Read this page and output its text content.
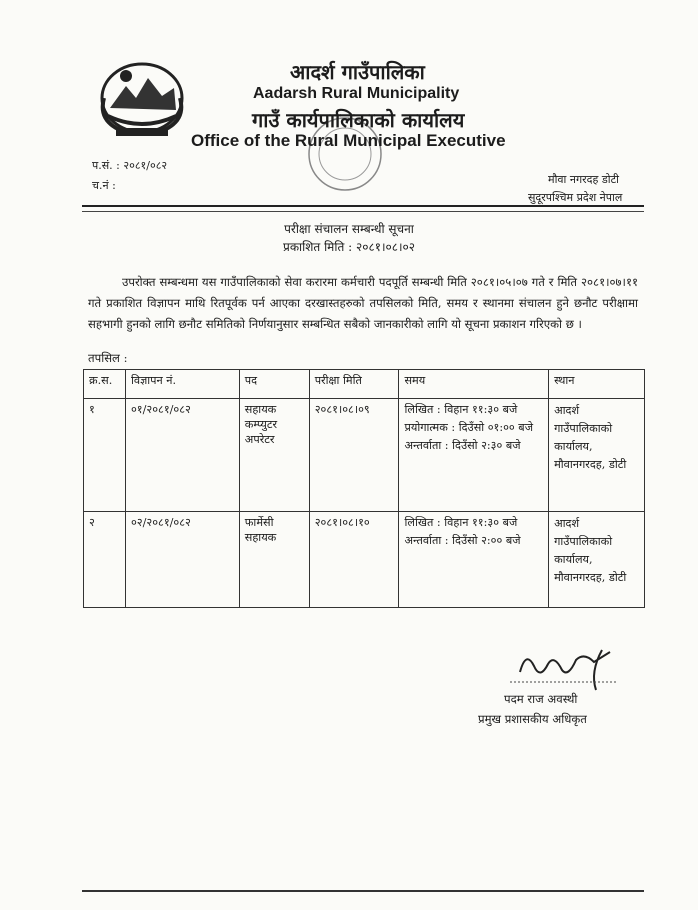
आदर्श गाउँपालिका
Aadarsh Rural Municipality
गाउँ कार्यपालिकाको कार्यालय
Office of the Rural Municipal Executive
प.सं. : २०८१/०८२
च.नं :	मौवा नगरदह डोटी
सुदूरपश्चिम प्रदेश नेपाल
परीक्षा संचालन सम्बन्धी सूचना
प्रकाशित मिति : २०८१।०८।०२

उपरोक्त सम्बन्धमा यस गाउँपालिकाको सेवा करारमा कर्मचारी पदपूर्ति सम्बन्धी मिति २०८१।०५।०७ गते र मिति २०८१।०७।११ गते प्रकाशित विज्ञापन माथि रितपूर्वक पर्न आएका दरखास्तहरुको तपसिलको मिति, समय र स्थानमा संचालन हुने छनौट परीक्षामा सहभागी हुनको लागि छनौट समितिको निर्णयानुसार सम्बन्धित सबैको जानकारीको लागि यो सूचना प्रकाशन गरिएको छ ।

तपसिल :
क्र.स.	विज्ञापन नं.	पद	परीक्षा मिति	समय	स्थान
१	०१/२०८१/०८२	सहायक कम्प्युटर अपरेटर	२०८१।०८।०९	लिखित : विहान ११:३० बजे
प्रयोगात्मक : दिउँसो ०१:०० बजे
अन्तर्वाता : दिउँसो २:३० बजे	आदर्श गाउँपालिकाको कार्यालय, मौवानगरदह, डोटी
२	०२/२०८१/०८२	फार्मेसी सहायक	२०८१।०८।१०	लिखित : विहान ११:३० बजे
अन्तर्वाता : दिउँसो २:०० बजे	आदर्श गाउँपालिकाको कार्यालय, मौवानगरदह, डोटी
पदम राज अवस्थी
प्रमुख प्रशासकीय अधिकृत
